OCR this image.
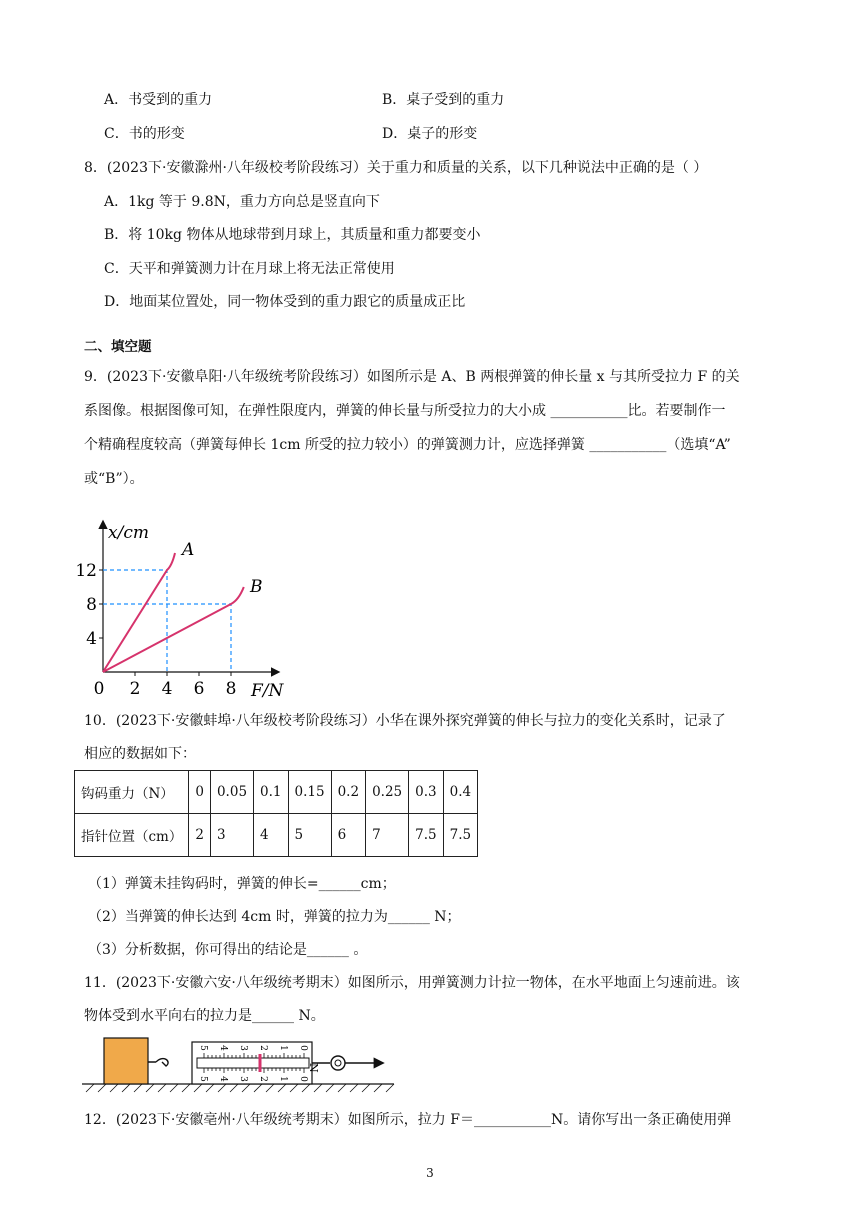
A．书受到的重力	B．桌子受到的重力
C．书的形变	D．桌子的形变
8．(2023下·安徽滁州·八年级校考阶段练习）关于重力和质量的关系，以下几种说法中正确的是（ ）
A．1kg 等于 9.8N，重力方向总是竖直向下
B．将 10kg 物体从地球带到月球上，其质量和重力都要变小
C．天平和弹簧测力计在月球上将无法正常使用
D．地面某位置处，同一物体受到的重力跟它的质量成正比
二、填空题
9．(2023下·安徽阜阳·八年级统考阶段练习）如图所示是 A、B 两根弹簧的伸长量 x 与其所受拉力 F 的关
系图像。根据图像可知，在弹性限度内，弹簧的伸长量与所受拉力的大小成 ___________比。若要制作一
个精确程度较高（弹簧每伸长 1cm 所受的拉力较小）的弹簧测力计，应选择弹簧 ___________（选填“A”
或“B”）。
x/cm
F/N
12
8
4
0 2 4 6 8
A
B
10．(2023下·安徽蚌埠·八年级校考阶段练习）小华在课外探究弹簧的伸长与拉力的变化关系时，记录了
相应的数据如下：
钩码重力（N）	0	0.05	0.1	0.15	0.2	0.25	0.3	0.4
指针位置（cm）	2	3	4	5	6	7	7.5	7.5
（1）弹簧未挂钩码时，弹簧的伸长=______cm；
（2）当弹簧的伸长达到 4cm 时，弹簧的拉力为______ N；
（3）分析数据，你可得出的结论是______ 。
11．(2023下·安徽六安·八年级统考期末）如图所示，用弹簧测力计拉一物体，在水平地面上匀速前进。该
物体受到水平向右的拉力是______ N。
0
1
2
3
4
5
0
1
2
3
4
5
N
12．(2023下·安徽亳州·八年级统考期末）如图所示，拉力 F＝___________N。请你写出一条正确使用弹
3
